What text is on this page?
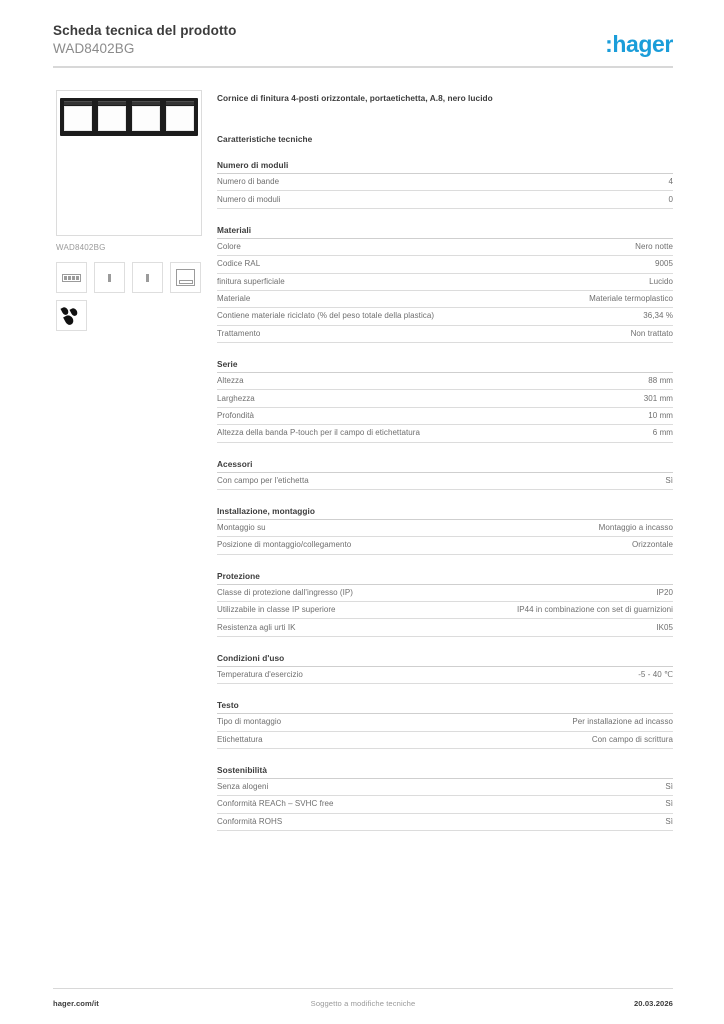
Scheda tecnica del prodotto
WAD8402BG	:hager
WAD8402BG
Cornice di finitura 4-posti orizzontale, portaetichetta, A.8, nero lucido
Caratteristiche tecniche
Numero di moduli
Numero di bande	4
Numero di moduli	0
Materiali
Colore	Nero notte
Codice RAL	9005
finitura superficiale	Lucido
Materiale	Materiale termoplastico
Contiene materiale riciclato (% del peso totale della plastica)	36,34 %
Trattamento	Non trattato
Serie
Altezza	88 mm
Larghezza	301 mm
Profondità	10 mm
Altezza della banda P-touch per il campo di etichettatura	6 mm
Acessori
Con campo per l'etichetta	Sì
Installazione, montaggio
Montaggio su	Montaggio a incasso
Posizione di montaggio/collegamento	Orizzontale
Protezione
Classe di protezione dall'ingresso (IP)	IP20
Utilizzabile in classe IP superiore	IP44 in combinazione con set di guarnizioni
Resistenza agli urti IK	IK05
Condizioni d'uso
Temperatura d'esercizio	-5 - 40 ℃
Testo
Tipo di montaggio	Per installazione ad incasso
Etichettatura	Con campo di scrittura
Sostenibilità
Senza alogeni	Sì
Conformità REACh – SVHC free	Sì
Conformità ROHS	Sì
hager.com/it	Soggetto a modifiche tecniche	20.03.2026
